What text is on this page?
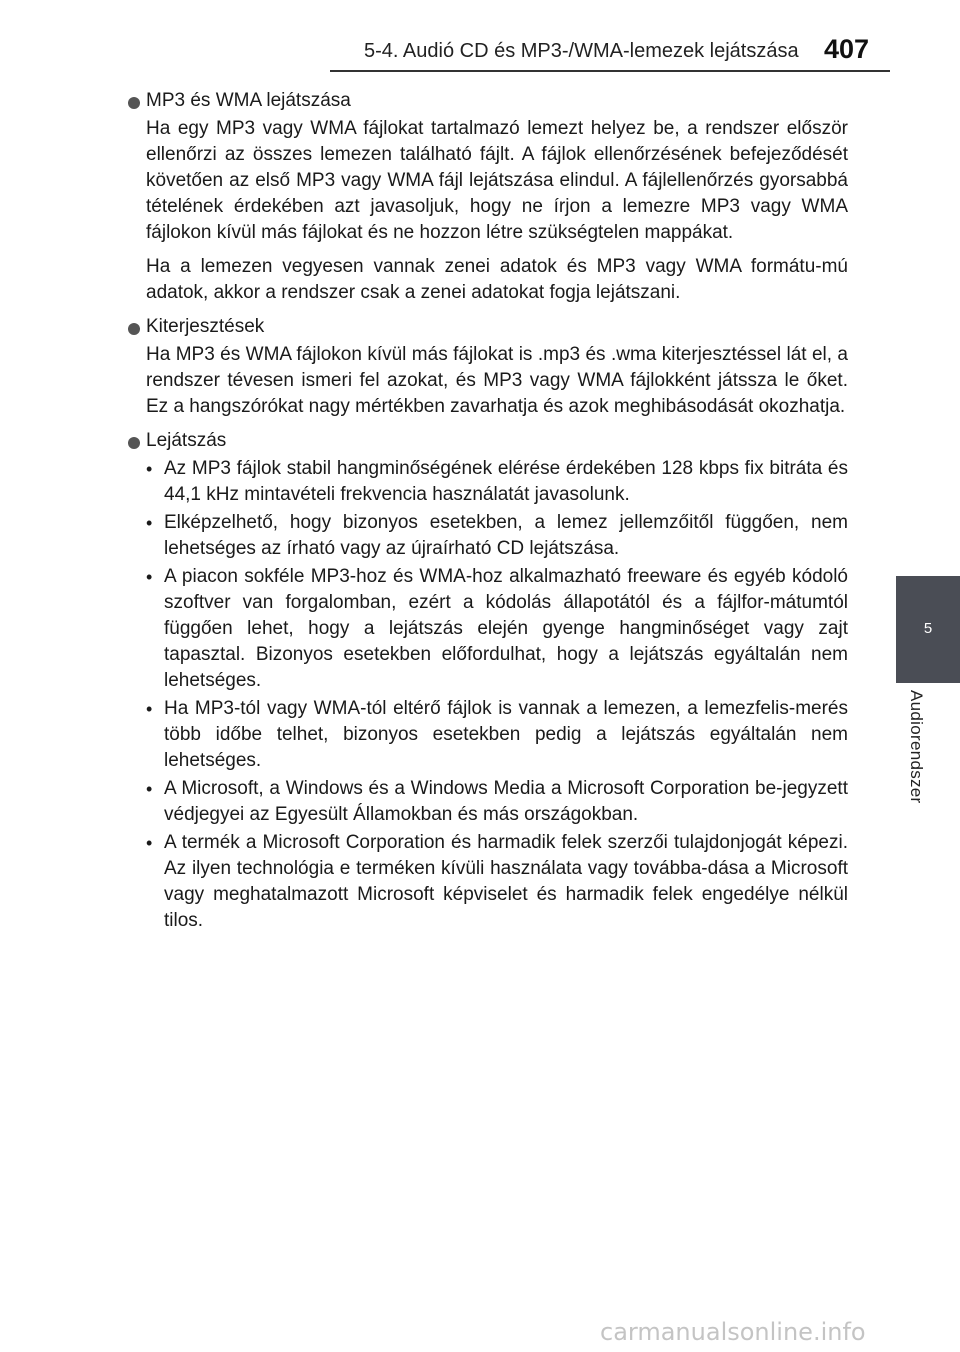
5-4. Audió CD és MP3-/WMA-lemezek lejátszása 407
5
Audiorendszer
MP3 és WMA lejátszása

Ha egy MP3 vagy WMA fájlokat tartalmazó lemezt helyez be, a rendszer először ellenőrzi az összes lemezen található fájlt. A fájlok ellenőrzésének befejeződését követően az első MP3 vagy WMA fájl lejátszása elindul. A fájlellenőrzés gyorsabbá tételének érdekében azt javasoljuk, hogy ne írjon a lemezre MP3 vagy WMA fájlokon kívül más fájlokat és ne hozzon létre szükségtelen mappákat.

Ha a lemezen vegyesen vannak zenei adatok és MP3 vagy WMA formátu-mú adatok, akkor a rendszer csak a zenei adatokat fogja lejátszani.

Kiterjesztések

Ha MP3 és WMA fájlokon kívül más fájlokat is .mp3 és .wma kiterjesztéssel lát el, a rendszer tévesen ismeri fel azokat, és MP3 vagy WMA fájlokként játssza le őket. Ez a hangszórókat nagy mértékben zavarhatja és azok meghibásodását okozhatja.

Lejátszás
• Az MP3 fájlok stabil hangminőségének elérése érdekében 128 kbps fix bitráta és 44,1 kHz mintavételi frekvencia használatát javasolunk.
• Elképzelhető, hogy bizonyos esetekben, a lemez jellemzőitől függően, nem lehetséges az írható vagy az újraírható CD lejátszása.
• A piacon sokféle MP3-hoz és WMA-hoz alkalmazható freeware és egyéb kódoló szoftver van forgalomban, ezért a kódolás állapotától és a fájlfor-mátumtól függően lehet, hogy a lejátszás elején gyenge hangminőséget vagy zajt tapasztal. Bizonyos esetekben előfordulhat, hogy a lejátszás egyáltalán nem lehetséges.
• Ha MP3-tól vagy WMA-tól eltérő fájlok is vannak a lemezen, a lemezfelis-merés több időbe telhet, bizonyos esetekben pedig a lejátszás egyáltalán nem lehetséges.
• A Microsoft, a Windows és a Windows Media a Microsoft Corporation be-jegyzett védjegyei az Egyesült Államokban és más országokban.
• A termék a Microsoft Corporation és harmadik felek szerzői tulajdonjogát képezi. Az ilyen technológia e terméken kívüli használata vagy továbba-dása a Microsoft vagy meghatalmazott Microsoft képviselet és harmadik felek engedélye nélkül tilos.
carmanualsonline.info
